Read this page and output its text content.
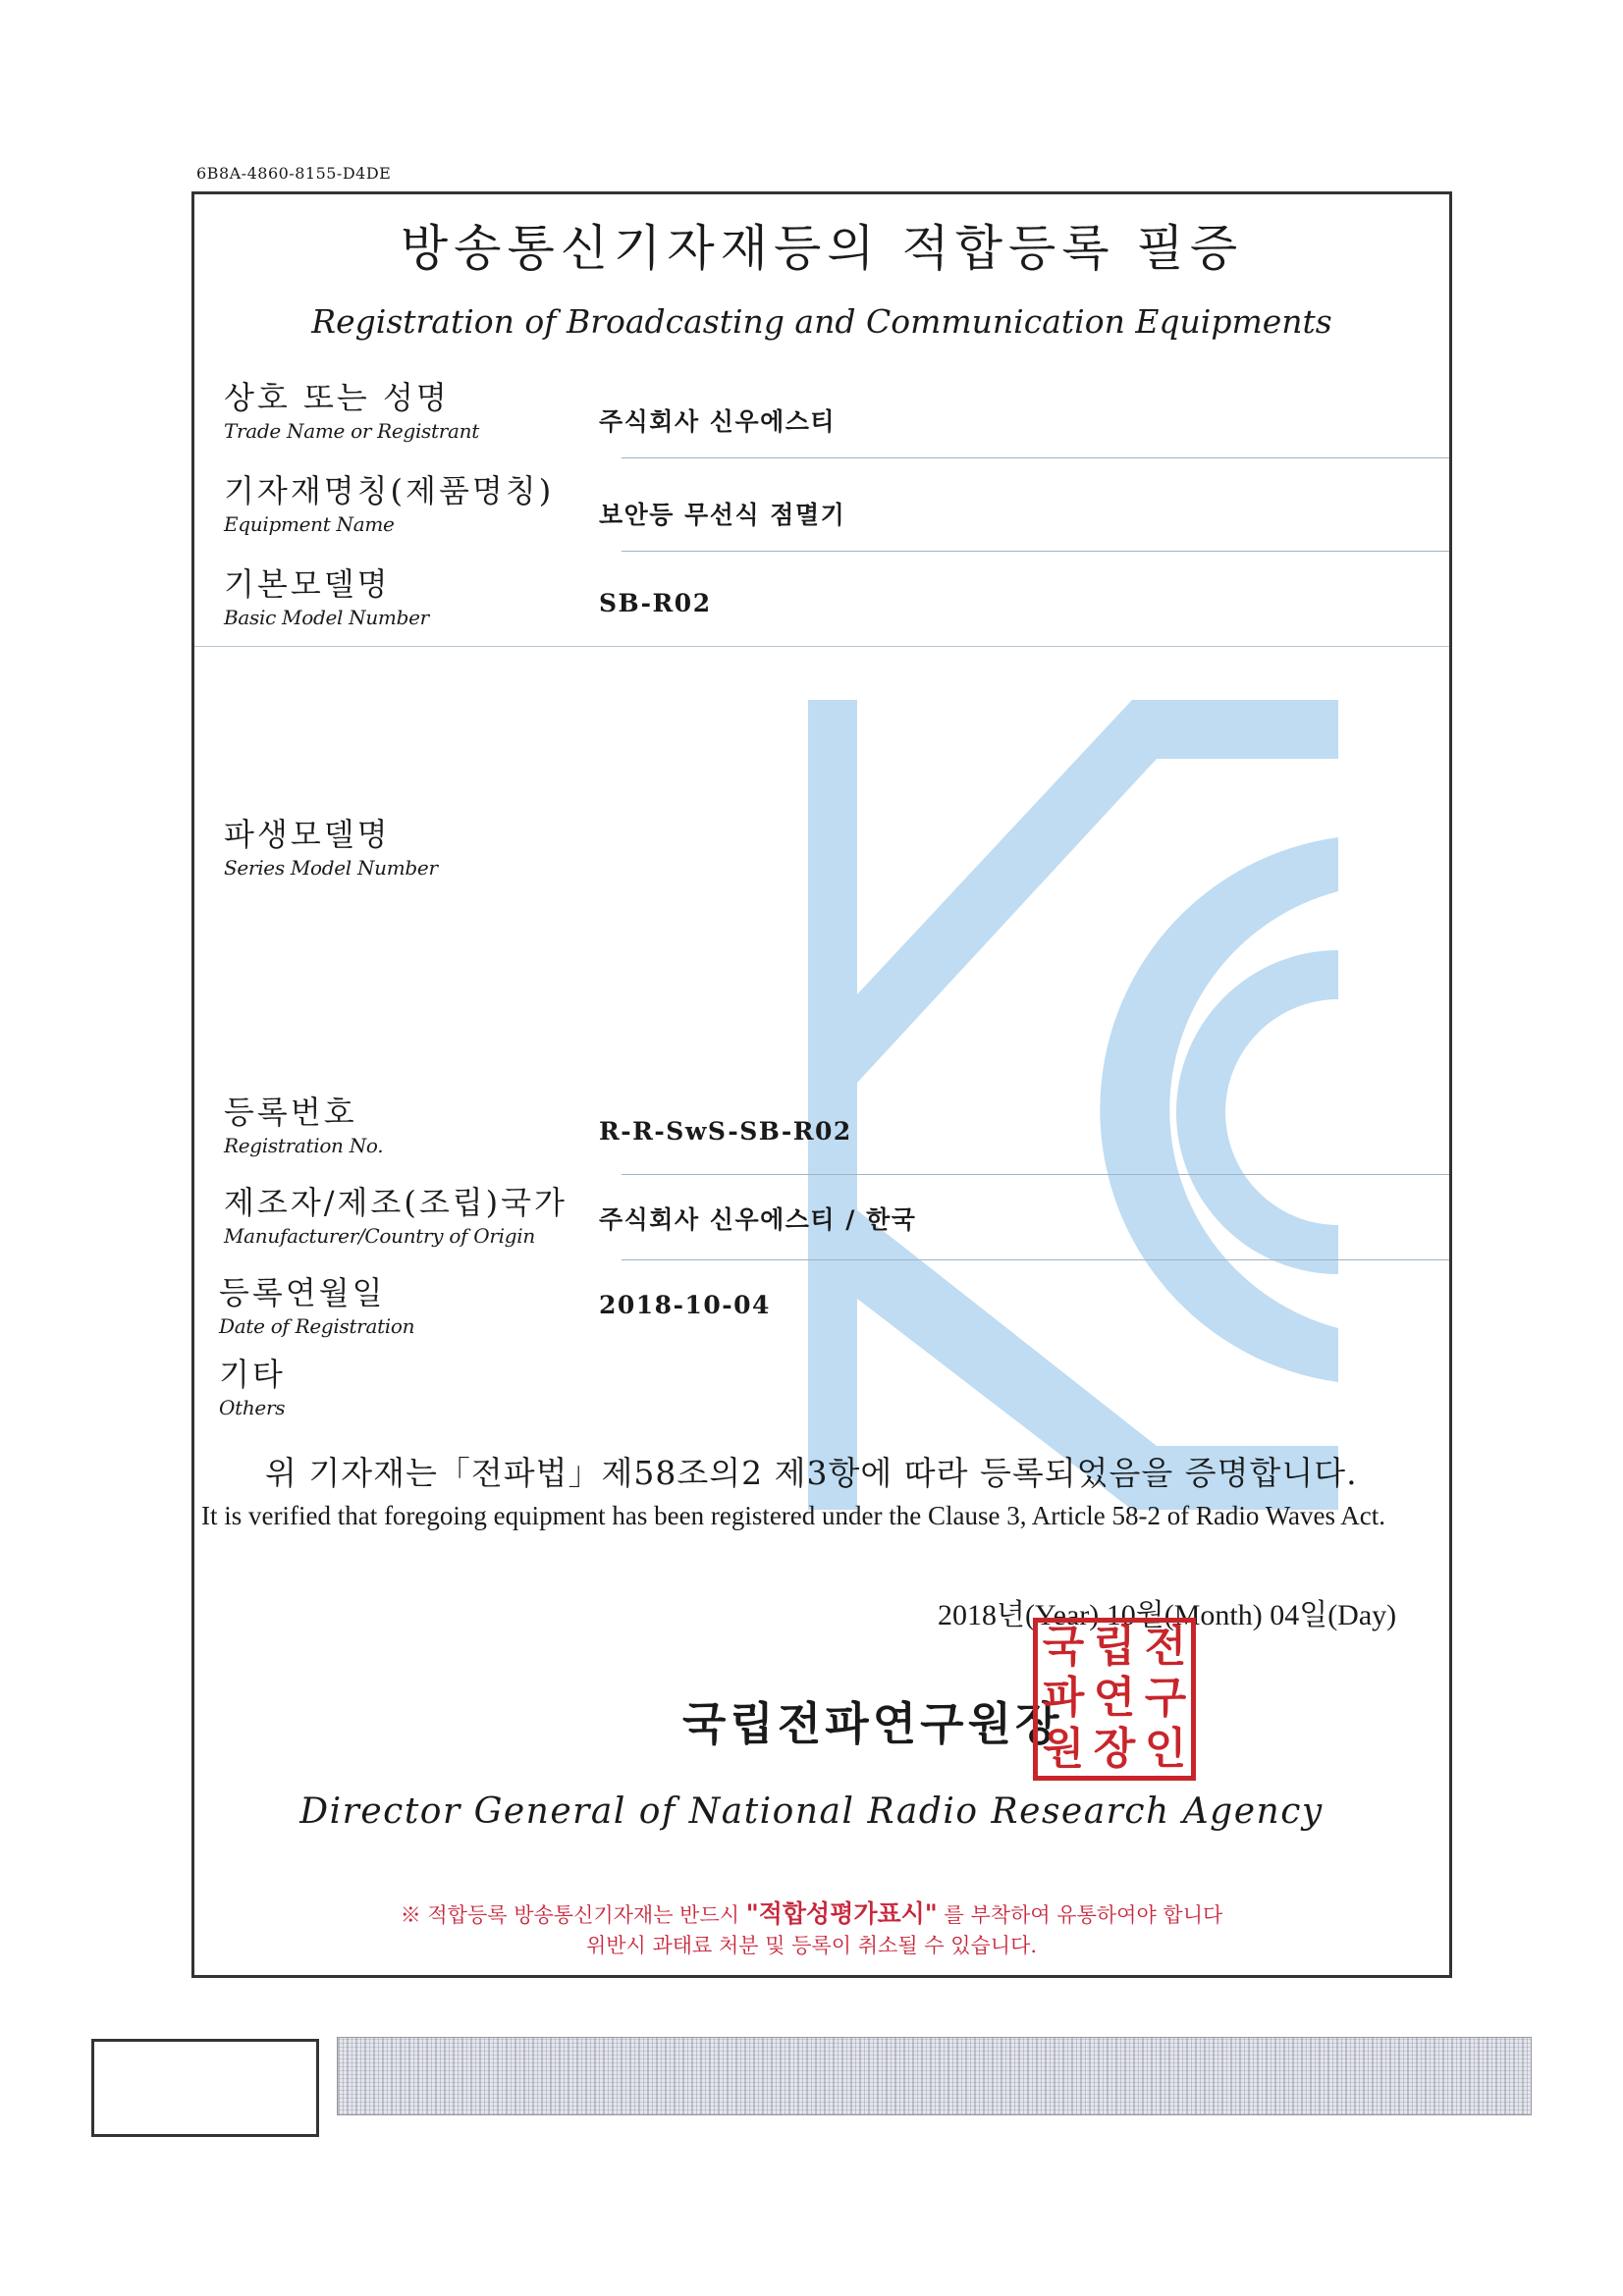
6B8A-4860-8155-D4DE
방송통신기자재등의 적합등록 필증
Registration of Broadcasting and Communication Equipments
상호 또는 성명
Trade Name or Registrant	주식회사 신우에스티
기자재명칭(제품명칭)
Equipment Name	보안등 무선식 점멸기
기본모델명
Basic Model Number
SB-R02
파생모델명
Series Model Number
등록번호
Registration No.
R-R-SwS-SB-R02
제조자/제조(조립)국가
Manufacturer/Country of Origin
주식회사 신우에스티 / 한국
등록연월일
Date of Registration
2018-10-04
기타
Others
위 기자재는「전파법」제58조의2 제3항에 따라 등록되었음을 증명합니다.
It is verified that foregoing equipment has been registered under the Clause 3, Article 58-2 of Radio Waves Act.
2018년(Year) 10월(Month) 04일(Day)
국립전파연구원장
국 립 전
파 연 구
원 장 인
Director General of National Radio Research Agency
※ 적합등록 방송통신기자재는 반드시 "적합성평가표시" 를 부착하여 유통하여야 합니다
위반시 과태료 처분 및 등록이 취소될 수 있습니다.
